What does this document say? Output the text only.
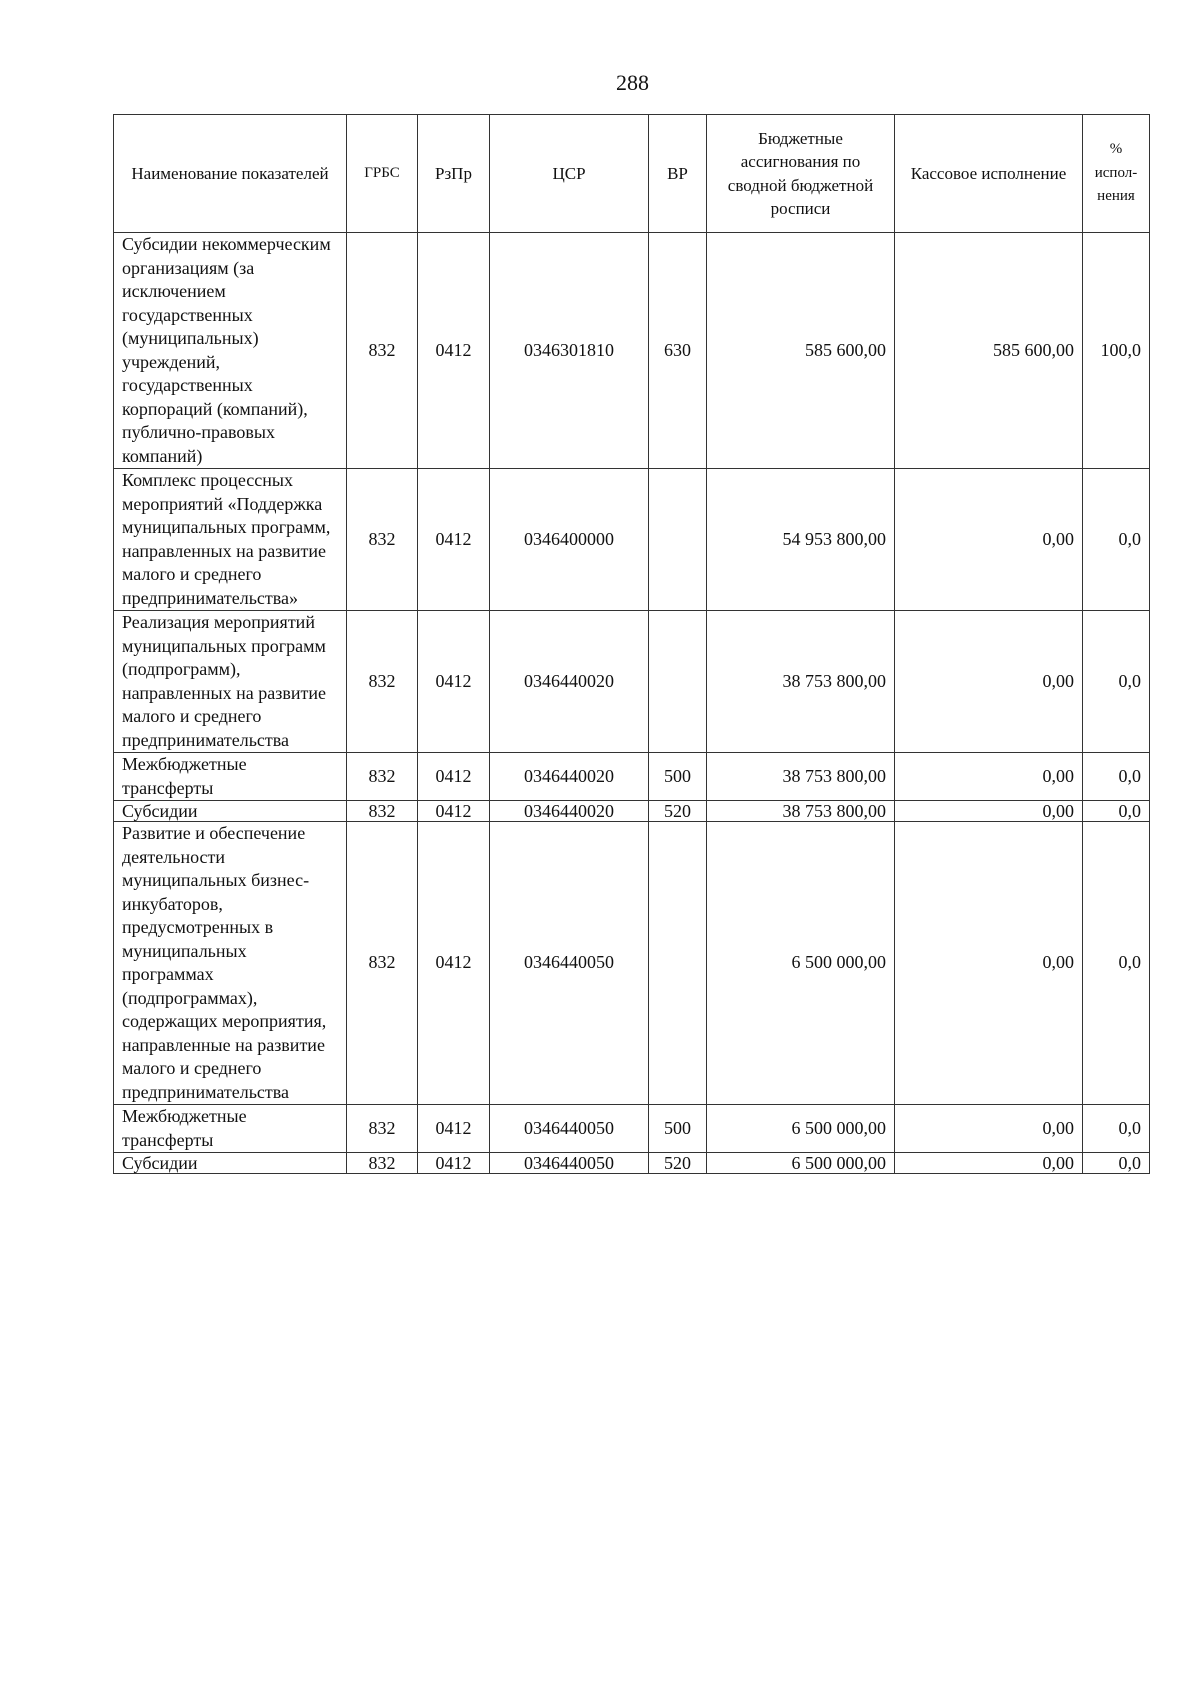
288
Наименование показателей	ГРБС	РзПр	ЦСР	ВР	Бюджетные ассигнования по сводной бюджетной росписи	Кассовое исполнение	% испол-нения
Субсидии некоммерческим организациям (за исключением государственных (муниципальных) учреждений, государственных корпораций (компаний), публично-правовых компаний)	832	0412	0346301810	630	585 600,00	585 600,00	100,0
Комплекс процессных мероприятий «Поддержка муниципальных программ, направленных на развитие малого и среднего предпринимательства»	832	0412	0346400000		54 953 800,00	0,00	0,0
Реализация мероприятий муниципальных программ (подпрограмм), направленных на развитие малого и среднего предпринимательства	832	0412	0346440020		38 753 800,00	0,00	0,0
Межбюджетные трансферты	832	0412	0346440020	500	38 753 800,00	0,00	0,0
Субсидии	832	0412	0346440020	520	38 753 800,00	0,00	0,0
Развитие и обеспечение деятельности муниципальных бизнес-инкубаторов, предусмотренных в муниципальных программах (подпрограммах), содержащих мероприятия, направленные на развитие малого и среднего предпринимательства	832	0412	0346440050		6 500 000,00	0,00	0,0
Межбюджетные трансферты	832	0412	0346440050	500	6 500 000,00	0,00	0,0
Субсидии	832	0412	0346440050	520	6 500 000,00	0,00	0,0
